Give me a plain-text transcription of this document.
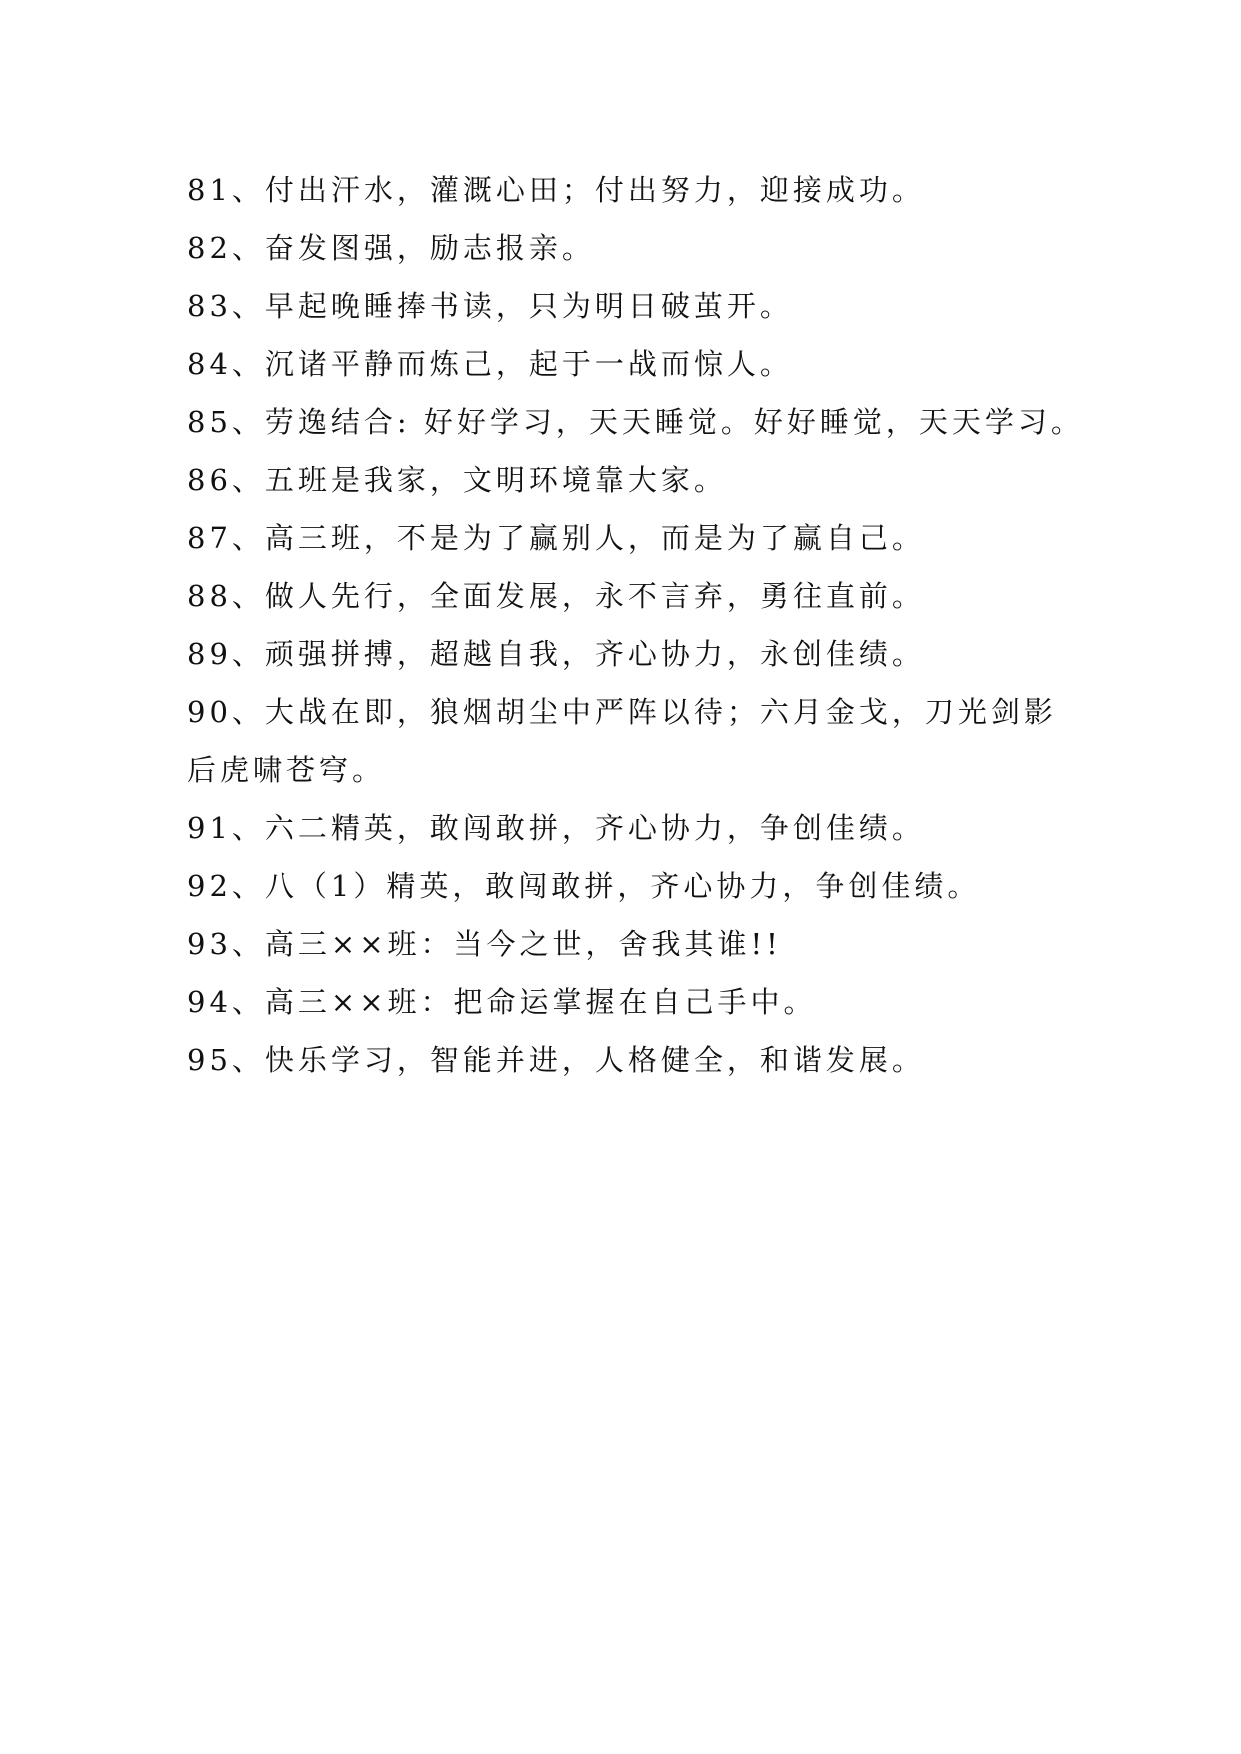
81、付出汗水，灌溉心田；付出努力，迎接成功。

82、奋发图强，励志报亲。

83、早起晚睡捧书读，只为明日破茧开。

84、沉诸平静而炼己，起于一战而惊人。

85、劳逸结合: 好好学习，天天睡觉。好好睡觉，天天学习。

86、五班是我家，文明环境靠大家。

87、高三班，不是为了赢别人，而是为了赢自己。

88、做人先行，全面发展，永不言弃，勇往直前。

89、顽强拼搏，超越自我，齐心协力，永创佳绩。

90、大战在即，狼烟胡尘中严阵以待；六月金戈，刀光剑影后虎啸苍穹。

91、六二精英，敢闯敢拼，齐心协力，争创佳绩。

92、八（1）精英，敢闯敢拼，齐心协力，争创佳绩。

93、高三××班：当今之世，舍我其谁!!

94、高三××班：把命运掌握在自己手中。

95、快乐学习，智能并进，人格健全，和谐发展。
